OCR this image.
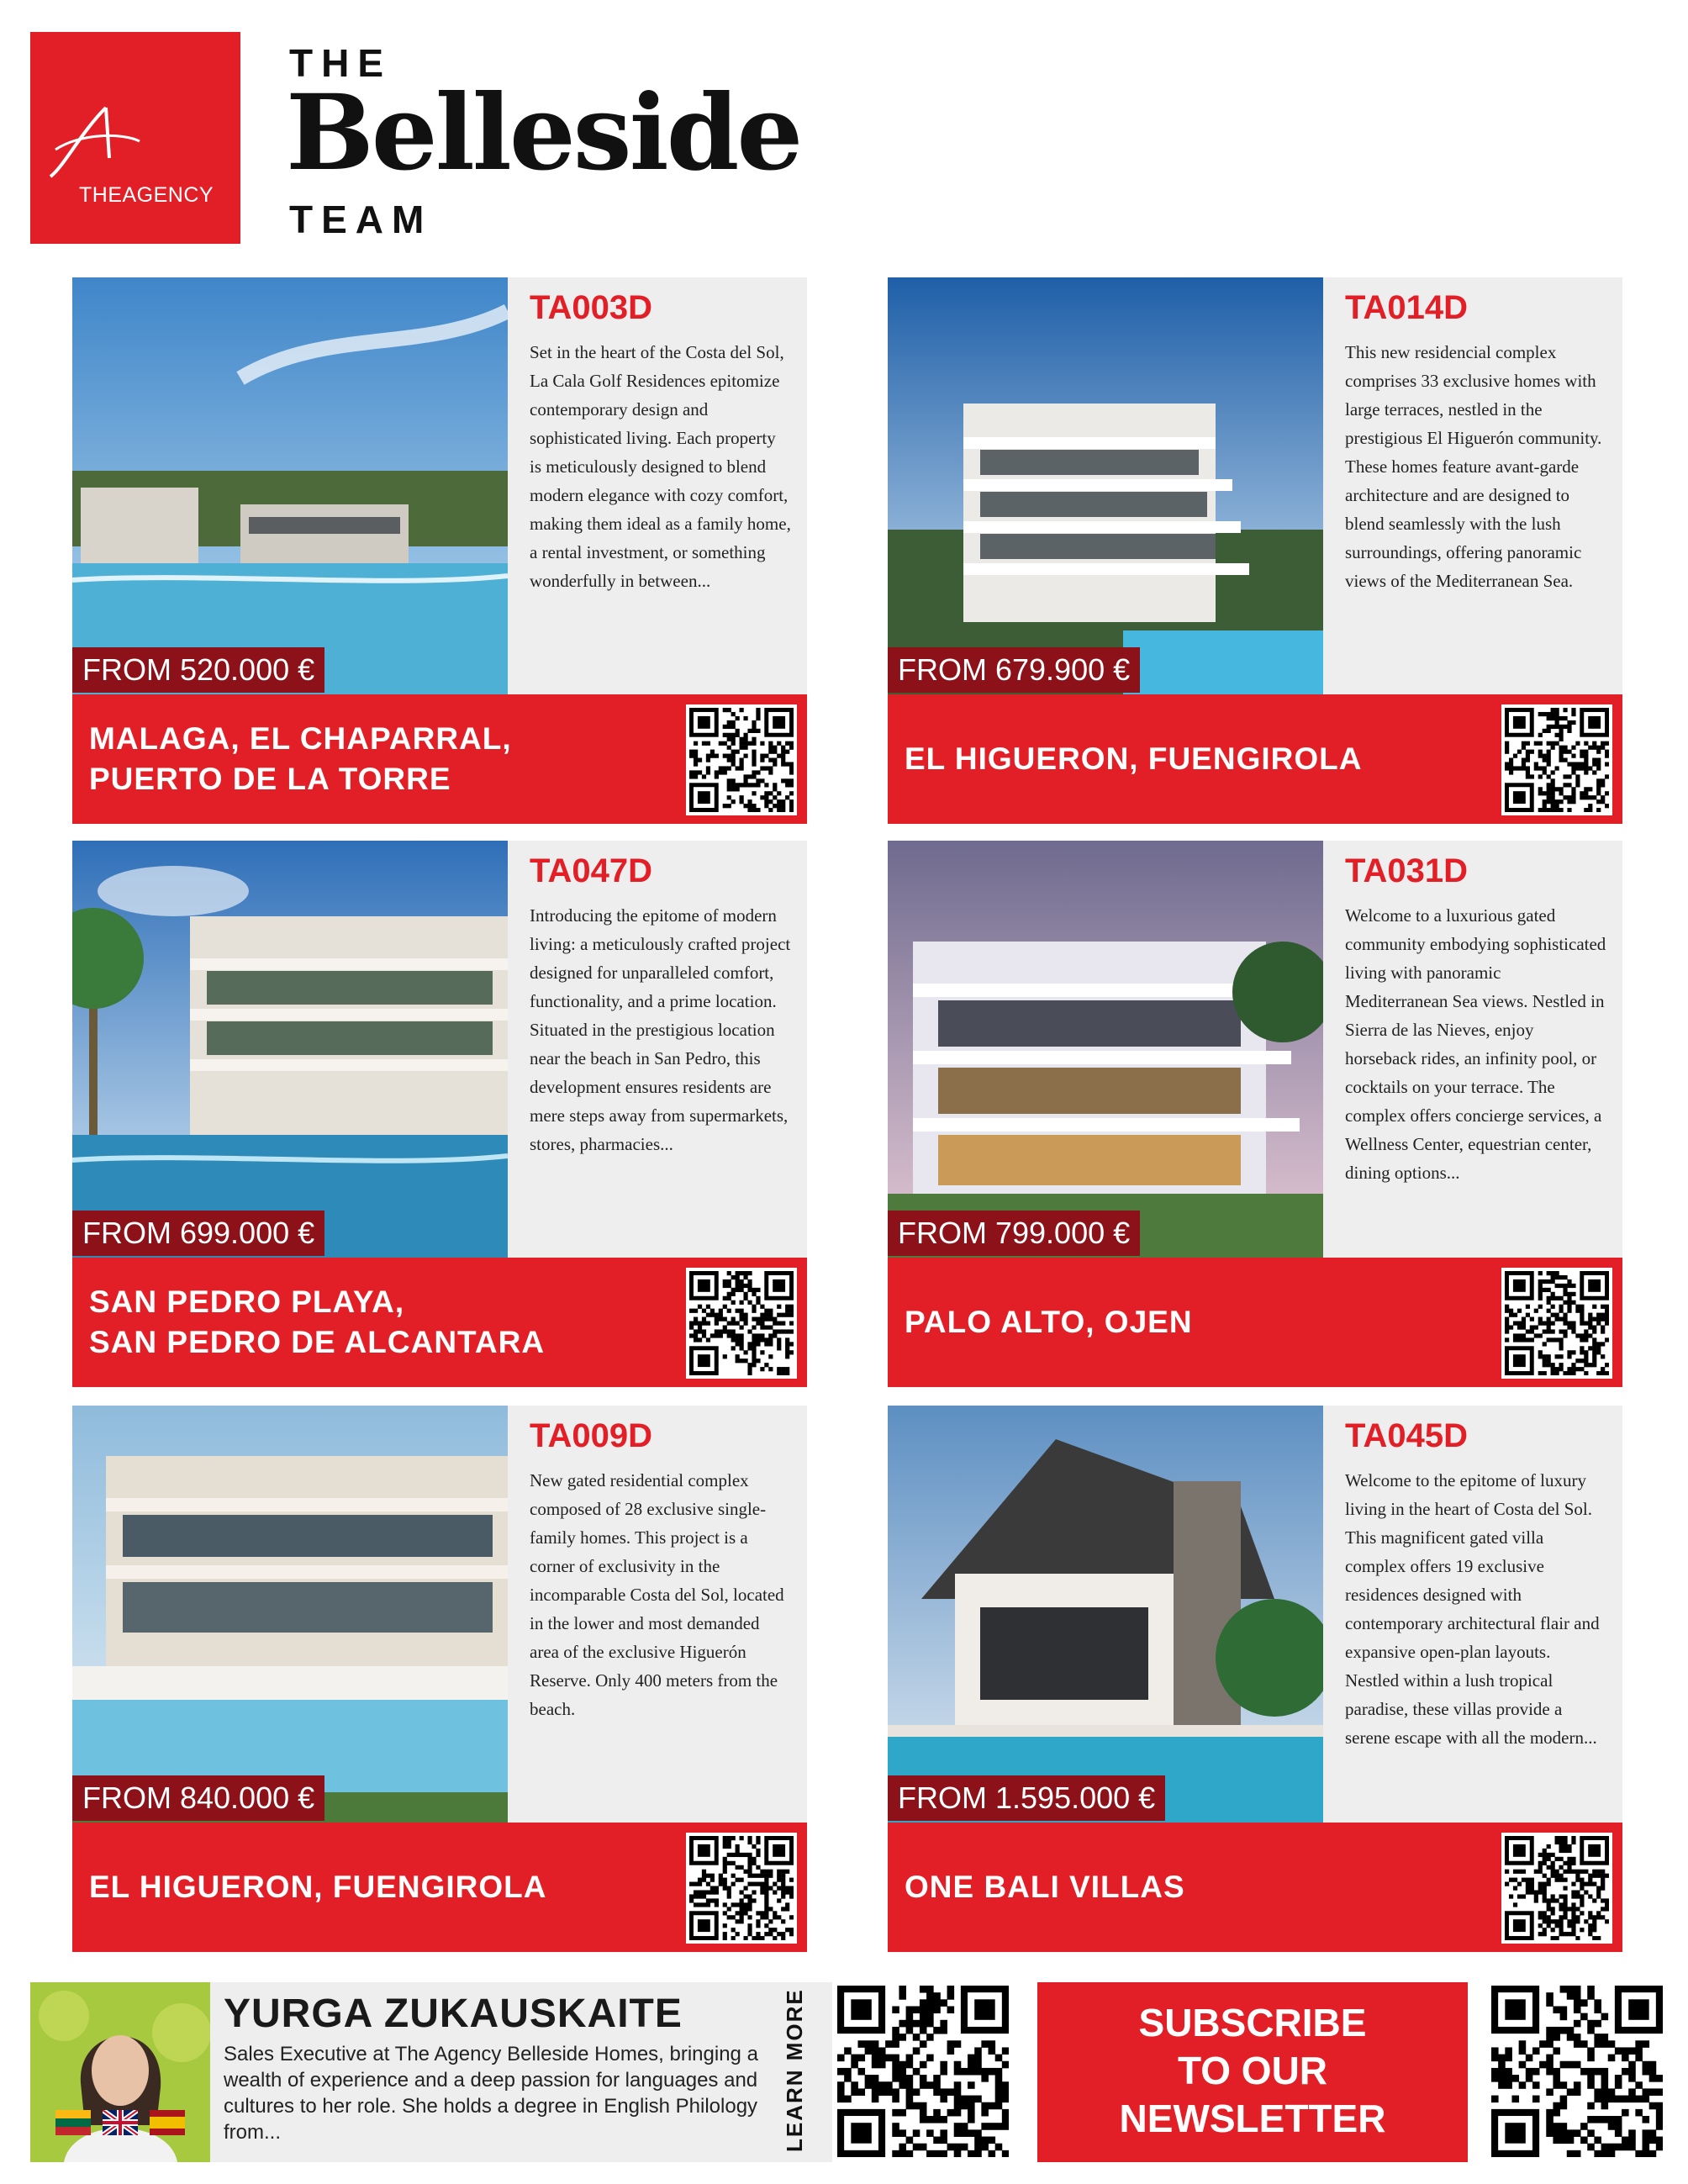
THEAGENCY
THE
Belleside
TEAM
FROM 520.000 €
TA003D
Set in the heart of the Costa del Sol, La Cala Golf Residences epitomize contemporary design and sophisticated living. Each property is meticulously designed to blend modern elegance with cozy comfort, making them ideal as a family home, a rental investment, or something wonderfully in between...
MALAGA, EL CHAPARRAL,
PUERTO DE LA TORRE
FROM 679.900 €
TA014D
This new residencial complex comprises 33 exclusive homes with large terraces, nestled in the prestigious El Higuerón community. These homes feature avant-garde architecture and are designed to blend seamlessly with the lush surroundings, offering panoramic views of the Mediterranean Sea.
EL HIGUERON, FUENGIROLA
FROM 699.000 €
TA047D
Introducing the epitome of modern living: a meticulously crafted project designed for unparalleled comfort, functionality, and a prime location. Situated in the prestigious location near the beach in San Pedro, this development ensures residents are mere steps away from supermarkets, stores, pharmacies...
SAN PEDRO PLAYA,
SAN PEDRO DE ALCANTARA
FROM 799.000 €
TA031D
Welcome to a luxurious gated community embodying sophisticated living with panoramic Mediterranean Sea views. Nestled in Sierra de las Nieves, enjoy horseback rides, an infinity pool, or cocktails on your terrace. The complex offers concierge services, a Wellness Center, equestrian center, dining options...
PALO ALTO, OJEN
FROM 840.000 €
TA009D
New gated residential complex composed of 28 exclusive single-family homes. This project is a corner of exclusivity in the incomparable Costa del Sol, located in the lower and most demanded area of the exclusive Higuerón Reserve. Only 400 meters from the beach.
EL HIGUERON, FUENGIROLA
FROM 1.595.000 €
TA045D
Welcome to the epitome of luxury living in the heart of Costa del Sol. This magnificent gated villa complex offers 19 exclusive residences designed with contemporary architectural flair and expansive open-plan layouts. Nestled within a lush tropical paradise, these villas provide a serene escape with all the modern...
ONE BALI VILLAS
YURGA ZUKAUSKAITE
Sales Executive at The Agency Belleside Homes, bringing a wealth of experience and a deep passion for languages and cultures to her role. She holds a degree in English Philology from...	LEARN MORE	SUBSCRIBE
TO OUR
NEWSLETTER
